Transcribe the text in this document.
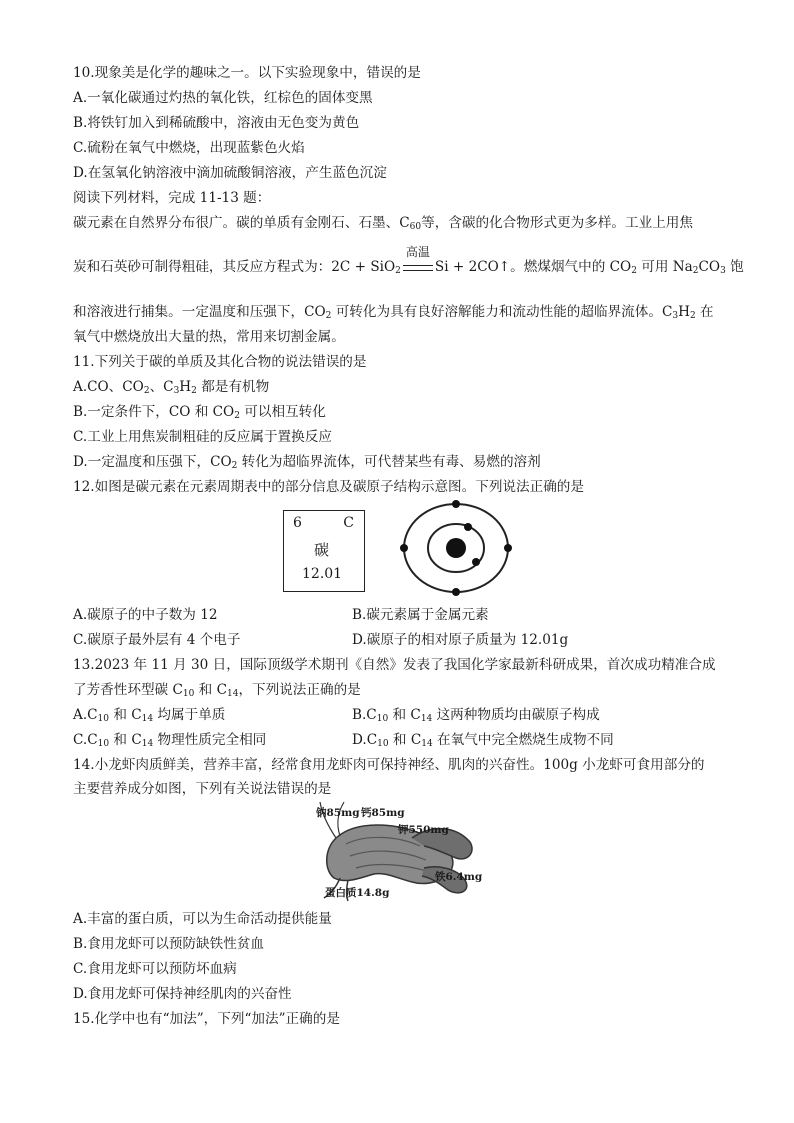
10.现象美是化学的趣味之一。以下实验现象中，错误的是
A.一氧化碳通过灼热的氧化铁，红棕色的固体变黑
B.将铁钉加入到稀硫酸中，溶液由无色变为黄色
C.硫粉在氧气中燃烧，出现蓝紫色火焰
D.在氢氧化钠溶液中滴加硫酸铜溶液，产生蓝色沉淀
阅读下列材料，完成 11-13 题：
碳元素在自然界分布很广。碳的单质有金刚石、石墨、$C_{60}$等，含碳的化合物形式更为多样。工业上用焦
炭和石英砂可制得粗硅，其反应方程式为：2C + SiO$_2$
高温
Si + 2CO↑。燃煤烟气中的 $CO_2$ 可用 $Na_2CO_3$ 饱
和溶液进行捕集。一定温度和压强下，$CO_2$ 可转化为具有良好溶解能力和流动性能的超临界流体。$C_3H_2$ 在
氧气中燃烧放出大量的热，常用来切割金属。
11.下列关于碳的单质及其化合物的说法错误的是
A.CO、$CO_2$、$C_3H_2$ 都是有机物
B.一定条件下，CO 和 $CO_2$ 可以相互转化
C.工业上用焦炭制粗硅的反应属于置换反应
D.一定温度和压强下，$CO_2$ 转化为超临界流体，可代替某些有毒、易燃的溶剂
12.如图是碳元素在元素周期表中的部分信息及碳原子结构示意图。下列说法正确的是
6	C
碳
12.01
A.碳原子的中子数为 12	B.碳元素属于金属元素
C.碳原子最外层有 4 个电子	D.碳原子的相对原子质量为 12.01g
13.2023 年 11 月 30 日，国际顶级学术期刊《自然》发表了我国化学家最新科研成果，首次成功精准合成
了芳香性环型碳 $C_{10}$ 和 $C_{14}$，下列说法正确的是
$A.C_{10}$ 和 $C_{14}$ 均属于单质	$B.C_{10}$ 和 $C_{14}$ 这两种物质均由碳原子构成
$C.C_{10}$ 和 $C_{14}$ 物理性质完全相同	$D.C_{10}$ 和 $C_{14}$ 在氧气中完全燃烧生成物不同
14.小龙虾肉质鲜美，营养丰富，经常食用龙虾肉可保持神经、肌肉的兴奋性。100g 小龙虾可食用部分的
主要营养成分如图，下列有关说法错误的是
钠85mg 钙85mg
钾550mg
铁6.4mg
蛋白质14.8g
A.丰富的蛋白质，可以为生命活动提供能量
B.食用龙虾可以预防缺铁性贫血
C.食用龙虾可以预防坏血病
D.食用龙虾可保持神经肌肉的兴奋性
15.化学中也有“加法”，下列“加法”正确的是
